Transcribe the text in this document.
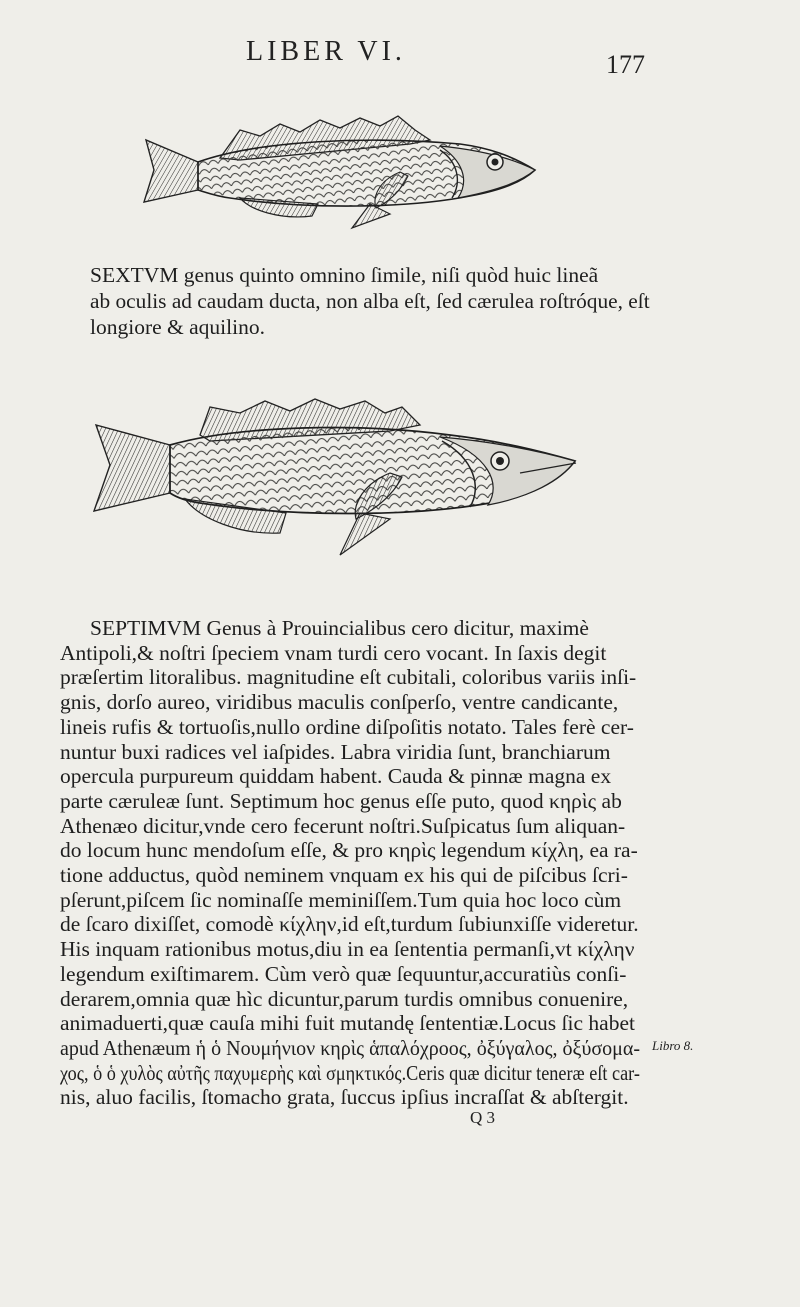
LIBER VI.	177

SEXTVM genus quinto omnino ſimile, niſi quòd huic lineã
ab oculis ad caudam ducta, non alba eſt, ſed cærulea roſtróque, eſt
longiore & aquilino.

SEPTIMVM Genus à Prouincialibus cero dicitur, maximè
Antipoli,& noſtri ſpeciem vnam turdi cero vocant. In ſaxis degit
præſertim litoralibus. magnitudine eſt cubitali, coloribus variis inſi-
gnis, dorſo aureo, viridibus maculis conſperſo, ventre candicante,
lineis rufis & tortuoſis,nullo ordine diſpoſitis notato. Tales ferè cer-
nuntur buxi radices vel iaſpides. Labra viridia ſunt, branchiarum
opercula purpureum quiddam habent. Cauda & pinnæ magna ex
parte cæruleæ ſunt. Septimum hoc genus eſſe puto, quod κηρὶς ab
Athenæo dicitur,vnde cero fecerunt noſtri.Suſpicatus ſum aliquan-
do locum hunc mendoſum eſſe, & pro κηρὶς legendum κίχλη, ea ra-
tione adductus, quòd neminem vnquam ex his qui de piſcibus ſcri-
pſerunt,piſcem ſic nominaſſe meminiſſem.Tum quia hoc loco cùm
de ſcaro dixiſſet, comodè κίχλην,id eſt,turdum ſubiunxiſſe videretur.
His inquam rationibus motus,diu in ea ſententia permanſi,vt κίχλην
legendum exiſtimarem. Cùm verò quæ ſequuntur,accuratiùs conſi-
derarem,omnia quæ hìc dicuntur,parum turdis omnibus conuenire,
animaduerti,quæ cauſa mihi fuit mutandę ſententiæ.Locus ſic habet
apud Athenæum ἡ ὁ Νουμήνιον κηρὶς ἁπαλόχροος, ὀξύγαλος, ὀξύσομα-
χος, ὁ ὁ χυλὸς αὐτῆς παχυμερὴς καὶ σμηκτικός.Ceris quæ dicitur teneræ eſt car-
nis, aluo facilis, ſtomacho grata, ſuccus ipſius incraſſat & abſtergit.

Libro 8.
Q 3
